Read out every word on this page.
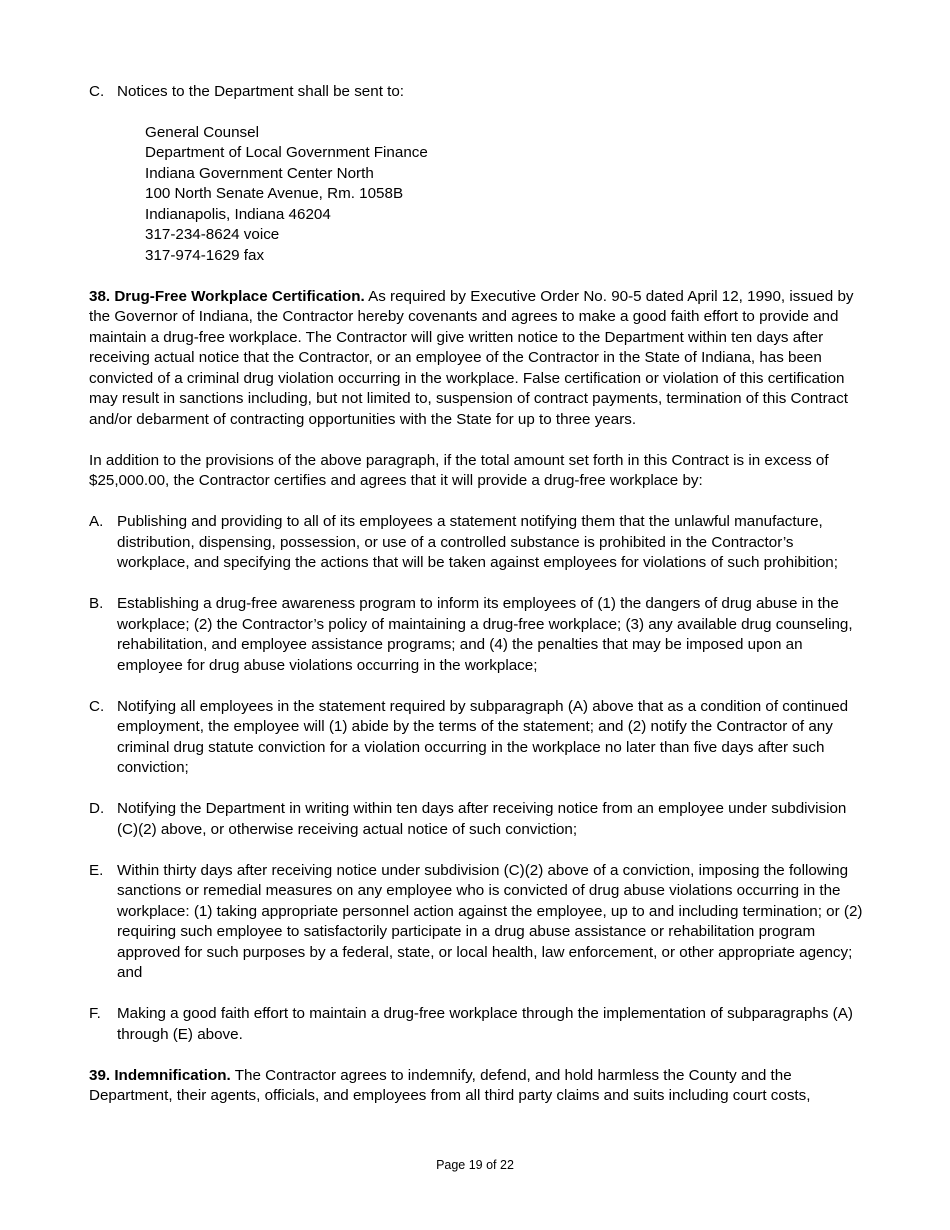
C. Notices to the Department shall be sent to:
General Counsel
Department of Local Government Finance
Indiana Government Center North
100 North Senate Avenue, Rm. 1058B
Indianapolis, Indiana 46204
317-234-8624 voice
317-974-1629 fax

38. Drug-Free Workplace Certification. As required by Executive Order No. 90-5 dated April 12, 1990, issued by the Governor of Indiana, the Contractor hereby covenants and agrees to make a good faith effort to provide and maintain a drug-free workplace. The Contractor will give written notice to the Department within ten days after receiving actual notice that the Contractor, or an employee of the Contractor in the State of Indiana, has been convicted of a criminal drug violation occurring in the workplace. False certification or violation of this certification may result in sanctions including, but not limited to, suspension of contract payments, termination of this Contract and/or debarment of contracting opportunities with the State for up to three years.

In addition to the provisions of the above paragraph, if the total amount set forth in this Contract is in excess of $25,000.00, the Contractor certifies and agrees that it will provide a drug-free workplace by:

A. Publishing and providing to all of its employees a statement notifying them that the unlawful manufacture, distribution, dispensing, possession, or use of a controlled substance is prohibited in the Contractor’s workplace, and specifying the actions that will be taken against employees for violations of such prohibition;
B. Establishing a drug-free awareness program to inform its employees of (1) the dangers of drug abuse in the workplace; (2) the Contractor’s policy of maintaining a drug-free workplace; (3) any available drug counseling, rehabilitation, and employee assistance programs; and (4) the penalties that may be imposed upon an employee for drug abuse violations occurring in the workplace;
C. Notifying all employees in the statement required by subparagraph (A) above that as a condition of continued employment, the employee will (1) abide by the terms of the statement; and (2) notify the Contractor of any criminal drug statute conviction for a violation occurring in the workplace no later than five days after such conviction;
D. Notifying the Department in writing within ten days after receiving notice from an employee under subdivision (C)(2) above, or otherwise receiving actual notice of such conviction;
E. Within thirty days after receiving notice under subdivision (C)(2) above of a conviction, imposing the following sanctions or remedial measures on any employee who is convicted of drug abuse violations occurring in the workplace: (1) taking appropriate personnel action against the employee, up to and including termination; or (2) requiring such employee to satisfactorily participate in a drug abuse assistance or rehabilitation program approved for such purposes by a federal, state, or local health, law enforcement, or other appropriate agency; and
F.	Making a good faith effort to maintain a drug-free workplace through the implementation of subparagraphs (A) through (E) above.

39. Indemnification. The Contractor agrees to indemnify, defend, and hold harmless the County and the Department, their agents, officials, and employees from all third party claims and suits including court costs,

Page 19 of 22
